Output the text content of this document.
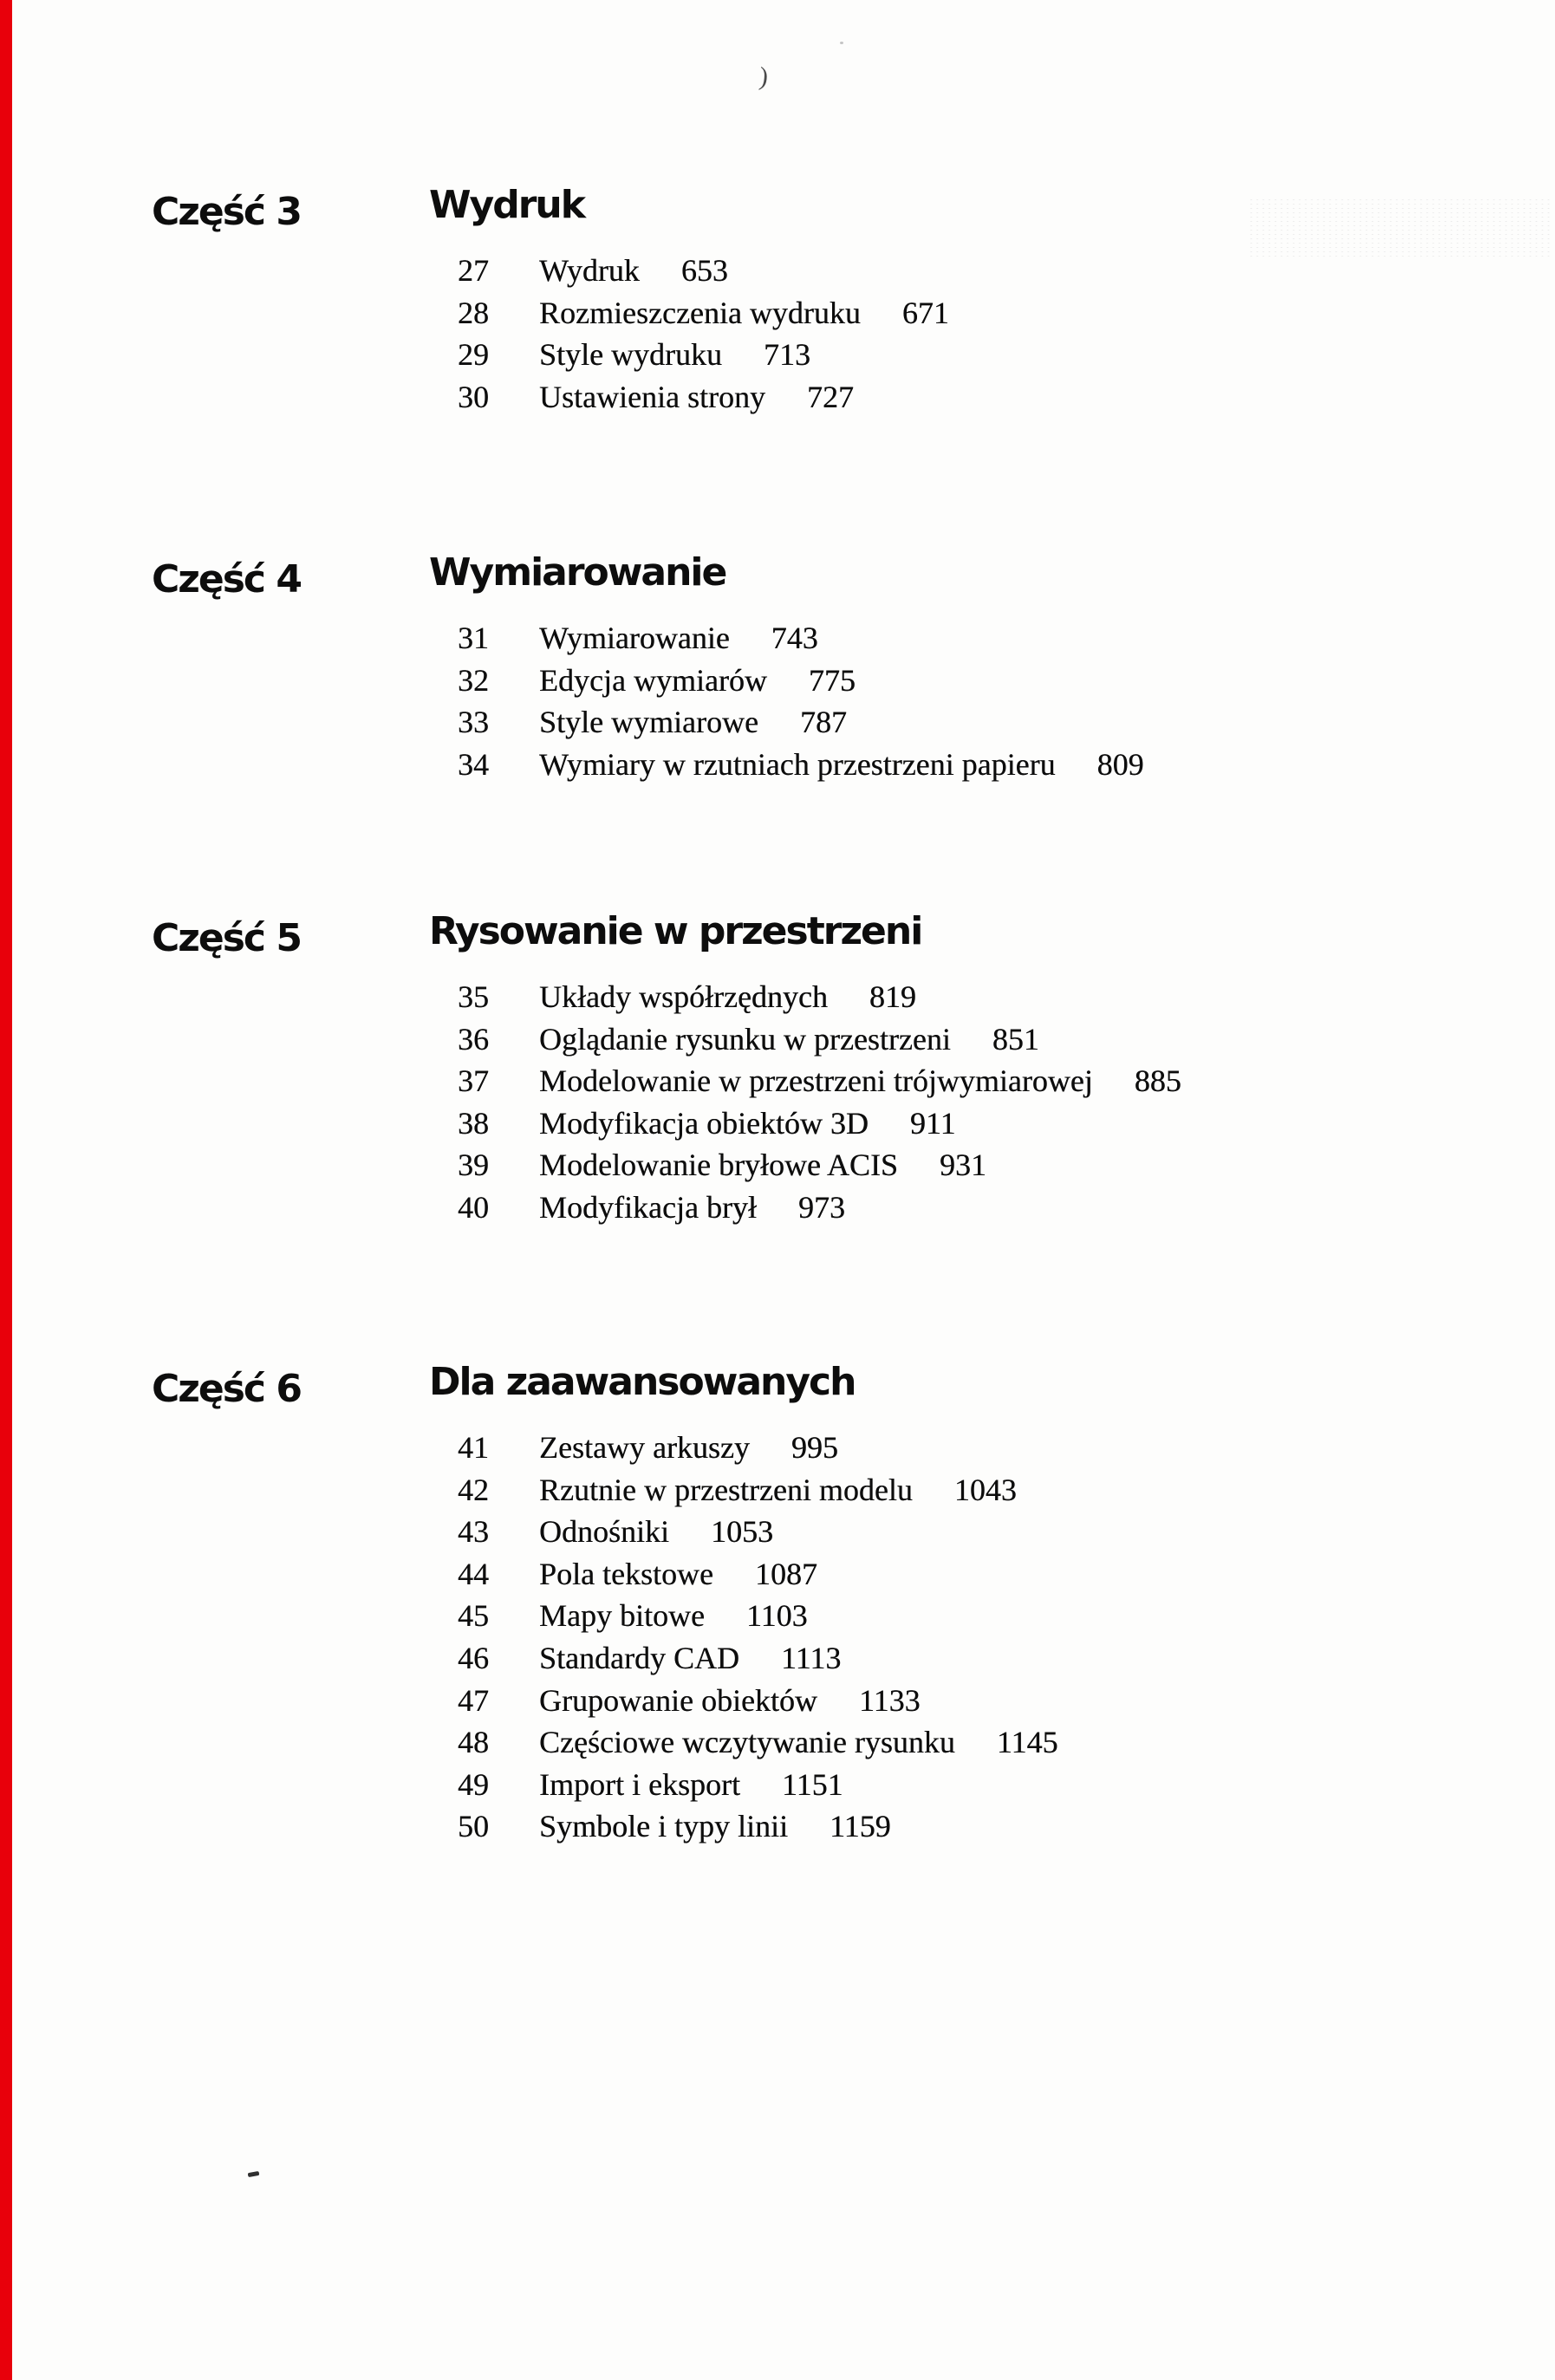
)
Część 3	Wydruk
27	Wydruk 653
28	Rozmieszczenia wydruku 671
29	Style wydruku 713
30	Ustawienia strony 727
Część 4	Wymiarowanie
31	Wymiarowanie 743
32	Edycja wymiarów 775
33	Style wymiarowe 787
34	Wymiary w rzutniach przestrzeni papieru 809
Część 5	Rysowanie w przestrzeni
35	Układy współrzędnych 819
36	Oglądanie rysunku w przestrzeni 851
37	Modelowanie w przestrzeni trójwymiarowej 885
38	Modyfikacja obiektów 3D 911
39	Modelowanie bryłowe ACIS 931
40	Modyfikacja brył 973
Część 6	Dla zaawansowanych
41	Zestawy arkuszy 995
42	Rzutnie w przestrzeni modelu 1043
43	Odnośniki 1053
44	Pola tekstowe 1087
45	Mapy bitowe 1103
46	Standardy CAD 1113
47	Grupowanie obiektów 1133
48	Częściowe wczytywanie rysunku 1145
49	Import i eksport 1151
50	Symbole i typy linii 1159
